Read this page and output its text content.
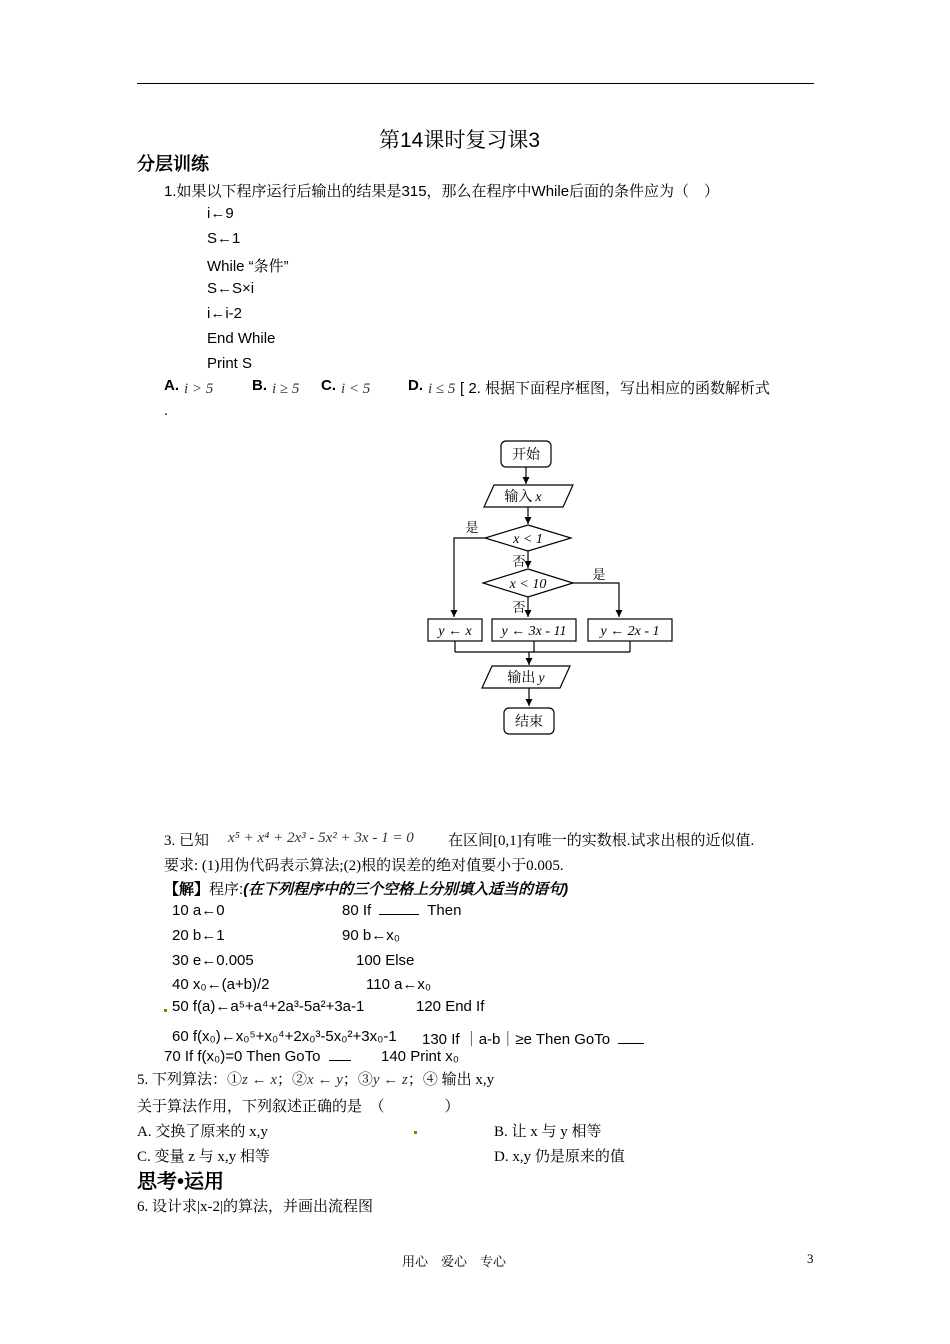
第14课时复习课3
分层训练
1.如果以下程序运行后输出的结果是315，那么在程序中While后面的条件应为（　）
i←9
S←1
While “条件”
S←S×i
i←i-2
End While
Print S
A. i > 5	B. i ≥ 5 C. i < 5	D. i ≤ 5 [ 2. 根据下面程序框图，写出相应的函数解析式
.
开始
输入 x
x < 1
是
否
x < 10
是
否
y ← x y ← 3x - 11 y ← 2x - 1
输出 y
结束
3. 已知 x⁵ + x⁴ + 2x³ - 5x² + 3x - 1 = 0 在区间[0,1]有唯一的实数根.试求出根的近似值.
要求: (1)用伪代码表示算法;(2)根的误差的绝对值要小于0.005.
【解】程序:(在下列程序中的三个空格上分别填入适当的语句)
10 a←0	80 If	Then
20 b←1	90 b←x₀
30 e←0.005	100 Else
40 x₀←(a+b)/2	110 a←x₀
50 f(a)←a⁵+a⁴+2a³-5a²+3a-1	120 End If
60 f(x₀)←x₀⁵+x₀⁴+2x₀³-5x₀²+3x₀-1 130 If ｜a-b｜≥e Then GoTo
70 If f(x₀)=0 Then GoTo	140 Print x₀
5. 下列算法：①z ← x；②x ← y；③y ← z；④ 输出 x,y
关于算法作用，下列叙述正确的是　（　　　　）
A. 交换了原来的 x,y	B. 让 x 与 y 相等
C. 变量 z 与 x,y 相等	D. x,y 仍是原来的值
思考•运用
6. 设计求|x-2|的算法，并画出流程图
用心　爱心　专心	3
